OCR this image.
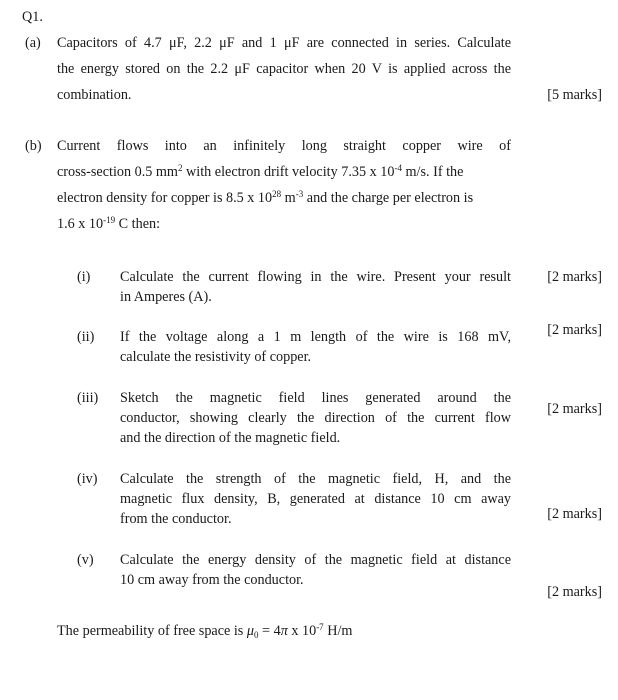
Q1.
(a) Capacitors of 4.7 μF, 2.2 μF and 1 μF are connected in series. Calculate
the energy stored on the 2.2 μF capacitor when 20 V is applied across the
combination.	[5 marks]
(b) Current flows into an infinitely long straight copper wire of
cross-section 0.5 $mm^2$ with electron drift velocity 7.35 x $10^{-4}$ m/s. If the
electron density for copper is 8.5 x $10^{28}$ $m^{-3}$ and the charge per electron is
1.6 x $10^{-19}$ C then:
(i) Calculate the current flowing in the wire. Present your result
in Amperes (A).
[2 marks]
(ii) If the voltage along a 1 m length of the wire is 168 mV,
calculate the resistivity of copper.
[2 marks]
(iii) Sketch the magnetic field lines generated around the
conductor, showing clearly the direction of the current flow
and the direction of the magnetic field.
[2 marks]
(iv) Calculate the strength of the magnetic field, H, and the
magnetic flux density, B, generated at distance 10 cm away
from the conductor.	[2 marks]
(v) Calculate the energy density of the magnetic field at distance
10 cm away from the conductor.
[2 marks]
The permeability of free space is $\mu_0 = 4\pi$ x $10^{-7}$ H/m
